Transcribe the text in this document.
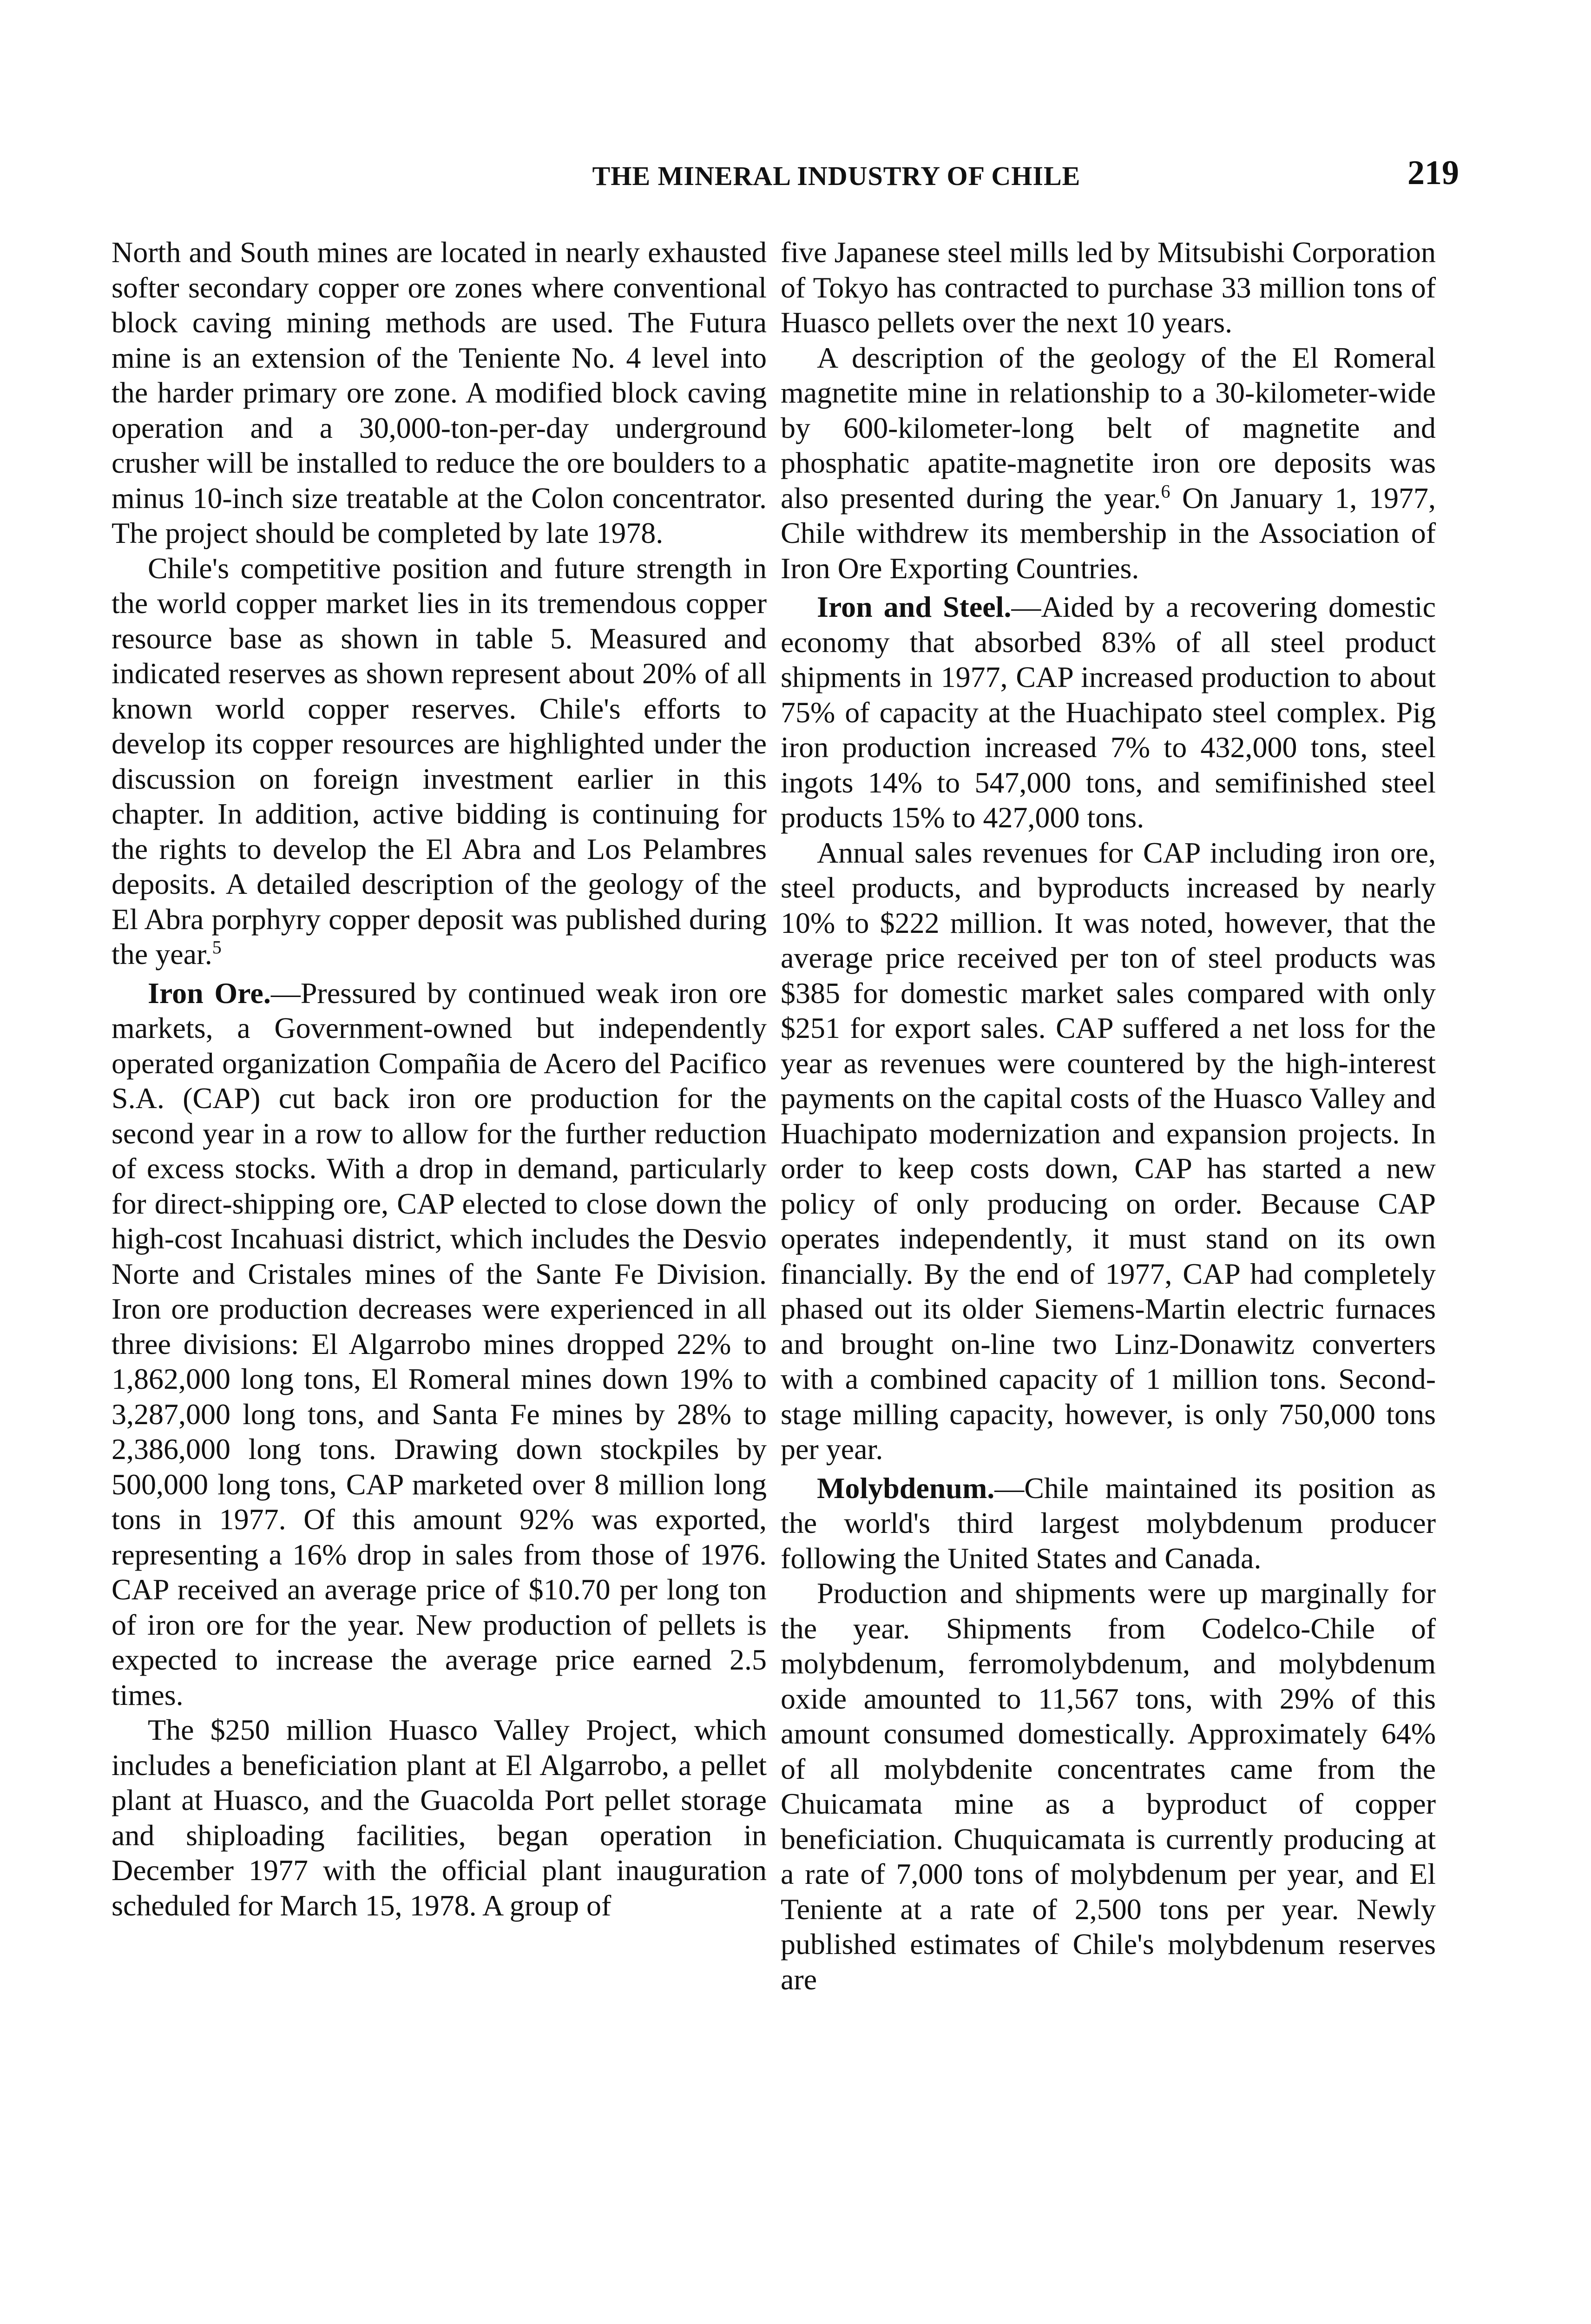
THE MINERAL INDUSTRY OF CHILE	219

North and South mines are located in nearly exhausted softer secondary copper ore zones where conventional block caving mining methods are used. The Futura mine is an extension of the Teniente No. 4 level into the harder primary ore zone. A modified block caving operation and a 30,000-ton-per-day underground crusher will be installed to reduce the ore boulders to a minus 10-inch size treatable at the Colon concentrator. The project should be completed by late 1978.

Chile's competitive position and future strength in the world copper market lies in its tremendous copper resource base as shown in table 5. Measured and indicated reserves as shown represent about 20% of all known world copper reserves. Chile's efforts to develop its copper resources are highlighted under the discussion on foreign investment earlier in this chapter. In addition, active bidding is continuing for the rights to develop the El Abra and Los Pelambres deposits. A detailed description of the geology of the El Abra porphyry copper deposit was published during the year.$^5$

Iron Ore.—Pressured by continued weak iron ore markets, a Government-owned but independently operated organization Compañia de Acero del Pacifico S.A. (CAP) cut back iron ore production for the second year in a row to allow for the further reduction of excess stocks. With a drop in demand, particularly for direct-shipping ore, CAP elected to close down the high-cost Incahuasi district, which includes the Desvio Norte and Cristales mines of the Sante Fe Division. Iron ore production decreases were experienced in all three divisions: El Algarrobo mines dropped 22% to 1,862,000 long tons, El Romeral mines down 19% to 3,287,000 long tons, and Santa Fe mines by 28% to 2,386,000 long tons. Drawing down stockpiles by 500,000 long tons, CAP marketed over 8 million long tons in 1977. Of this amount 92% was exported, representing a 16% drop in sales from those of 1976. CAP received an average price of $10.70 per long ton of iron ore for the year. New production of pellets is expected to increase the average price earned 2.5 times.

The $250 million Huasco Valley Project, which includes a beneficiation plant at El Algarrobo, a pellet plant at Huasco, and the Guacolda Port pellet storage and shiploading facilities, began operation in December 1977 with the official plant inauguration scheduled for March 15, 1978. A group of

five Japanese steel mills led by Mitsubishi Corporation of Tokyo has contracted to purchase 33 million tons of Huasco pellets over the next 10 years.

A description of the geology of the El Romeral magnetite mine in relationship to a 30-kilometer-wide by 600-kilometer-long belt of magnetite and phosphatic apatite-magnetite iron ore deposits was also presented during the year.$^6$ On January 1, 1977, Chile withdrew its membership in the Association of Iron Ore Exporting Countries.

Iron and Steel.—Aided by a recovering domestic economy that absorbed 83% of all steel product shipments in 1977, CAP increased production to about 75% of capacity at the Huachipato steel complex. Pig iron production increased 7% to 432,000 tons, steel ingots 14% to 547,000 tons, and semifinished steel products 15% to 427,000 tons.

Annual sales revenues for CAP including iron ore, steel products, and byproducts increased by nearly 10% to $222 million. It was noted, however, that the average price received per ton of steel products was $385 for domestic market sales compared with only $251 for export sales. CAP suffered a net loss for the year as revenues were countered by the high-interest payments on the capital costs of the Huasco Valley and Huachipato modernization and expansion projects. In order to keep costs down, CAP has started a new policy of only producing on order. Because CAP operates independently, it must stand on its own financially. By the end of 1977, CAP had completely phased out its older Siemens-Martin electric furnaces and brought on-line two Linz-Donawitz converters with a combined capacity of 1 million tons. Second-stage milling capacity, however, is only 750,000 tons per year.

Molybdenum.—Chile maintained its position as the world's third largest molybdenum producer following the United States and Canada.

Production and shipments were up marginally for the year. Shipments from Codelco-Chile of molybdenum, ferromolybdenum, and molybdenum oxide amounted to 11,567 tons, with 29% of this amount consumed domestically. Approximately 64% of all molybdenite concentrates came from the Chuicamata mine as a byproduct of copper beneficiation. Chuquicamata is currently producing at a rate of 7,000 tons of molybdenum per year, and El Teniente at a rate of 2,500 tons per year. Newly published estimates of Chile's molybdenum reserves are
